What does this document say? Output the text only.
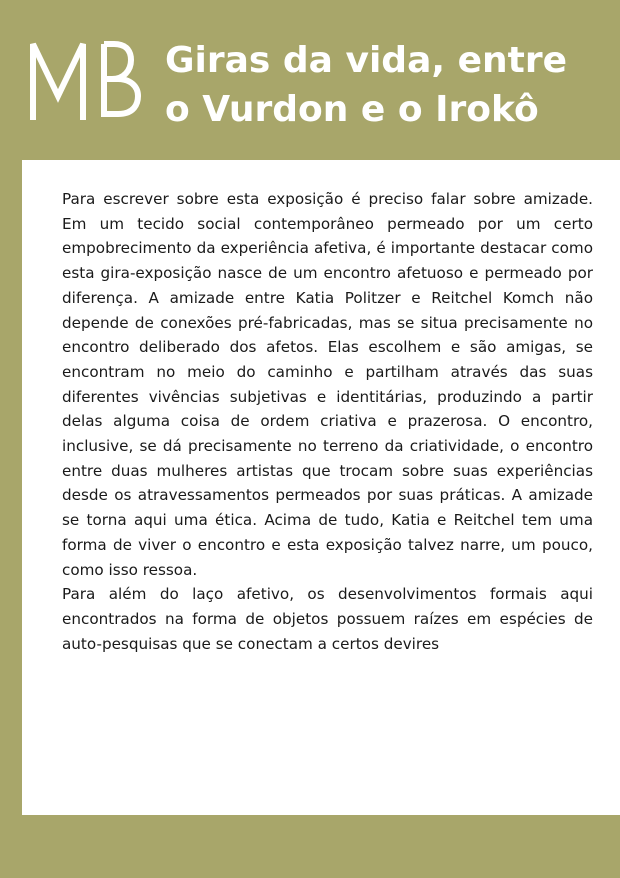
Giras da vida, entre
o Vurdon e o Irokô

Para escrever sobre esta exposição é preciso falar sobre amizade. Em um tecido social contemporâneo permeado por um certo empobrecimento da experiência afetiva, é importante destacar como esta gira-exposição nasce de um encontro afetuoso e permeado por diferença. A amizade entre Katia Politzer e Reitchel Komch não depende de conexões pré-fabricadas, mas se situa precisamente no encontro deliberado dos afetos. Elas escolhem e são amigas, se encontram no meio do caminho e partilham através das suas diferentes vivências subjetivas e identitárias, produzindo a partir delas alguma coisa de ordem criativa e prazerosa. O encontro, inclusive, se dá precisamente no terreno da criatividade, o encontro entre duas mulheres artistas que trocam sobre suas experiências desde os atravessamentos permeados por suas práticas. A amizade se torna aqui uma ética. Acima de tudo, Katia e Reitchel tem uma forma de viver o encontro e esta exposição talvez narre, um pouco, como isso ressoa.

Para além do laço afetivo, os desenvolvimentos formais aqui encontrados na forma de objetos possuem raízes em espécies de auto-pesquisas que se conectam a certos devires
